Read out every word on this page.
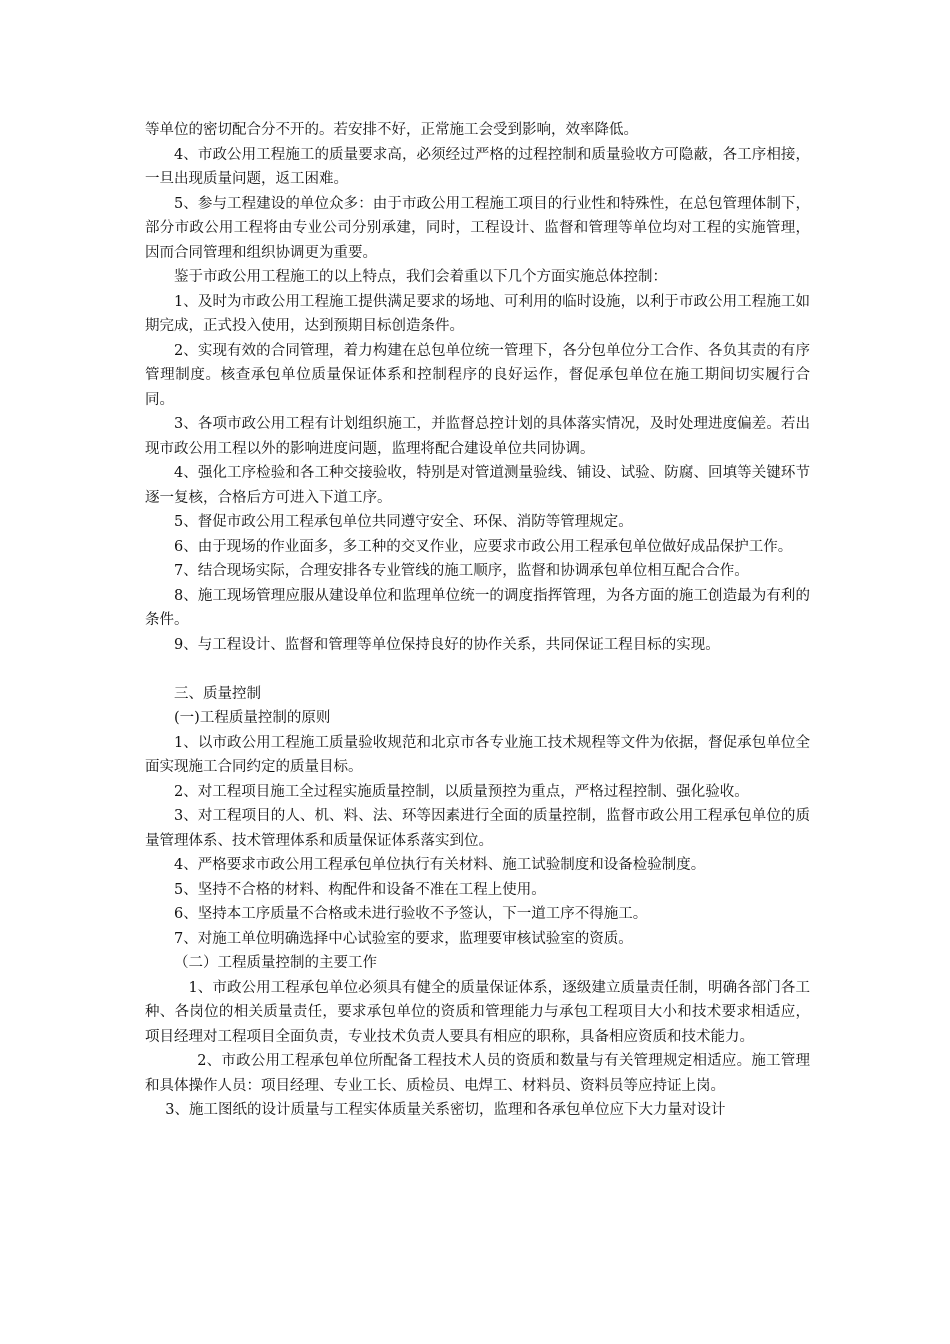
等单位的密切配合分不开的。若安排不好，正常施工会受到影响，效率降低。

4、市政公用工程施工的质量要求高，必须经过严格的过程控制和质量验收方可隐蔽，各工序相接，一旦出现质量问题，返工困难。

5、参与工程建设的单位众多：由于市政公用工程施工项目的行业性和特殊性，在总包管理体制下，部分市政公用工程将由专业公司分别承建，同时，工程设计、监督和管理等单位均对工程的实施管理，因而合同管理和组织协调更为重要。

鉴于市政公用工程施工的以上特点，我们会着重以下几个方面实施总体控制：

1、及时为市政公用工程施工提供满足要求的场地、可利用的临时设施，以利于市政公用工程施工如期完成，正式投入使用，达到预期目标创造条件。

2、实现有效的合同管理，着力构建在总包单位统一管理下，各分包单位分工合作、各负其责的有序管理制度。核查承包单位质量保证体系和控制程序的良好运作，督促承包单位在施工期间切实履行合同。

3、各项市政公用工程有计划组织施工，并监督总控计划的具体落实情况，及时处理进度偏差。若出现市政公用工程以外的影响进度问题，监理将配合建设单位共同协调。

4、强化工序检验和各工种交接验收，特别是对管道测量验线、铺设、试验、防腐、回填等关键环节逐一复核，合格后方可进入下道工序。

5、督促市政公用工程承包单位共同遵守安全、环保、消防等管理规定。

6、由于现场的作业面多，多工种的交叉作业，应要求市政公用工程承包单位做好成品保护工作。

7、结合现场实际，合理安排各专业管线的施工顺序，监督和协调承包单位相互配合合作。

8、施工现场管理应服从建设单位和监理单位统一的调度指挥管理，为各方面的施工创造最为有利的条件。

9、与工程设计、监督和管理等单位保持良好的协作关系，共同保证工程目标的实现。

三、质量控制

(一)工程质量控制的原则

1、以市政公用工程施工质量验收规范和北京市各专业施工技术规程等文件为依据，督促承包单位全面实现施工合同约定的质量目标。

2、对工程项目施工全过程实施质量控制，以质量预控为重点，严格过程控制、强化验收。

3、对工程项目的人、机、料、法、环等因素进行全面的质量控制，监督市政公用工程承包单位的质量管理体系、技术管理体系和质量保证体系落实到位。

4、严格要求市政公用工程承包单位执行有关材料、施工试验制度和设备检验制度。

5、坚持不合格的材料、构配件和设备不准在工程上使用。

6、坚持本工序质量不合格或未进行验收不予签认，下一道工序不得施工。

7、对施工单位明确选择中心试验室的要求，监理要审核试验室的资质。

（二）工程质量控制的主要工作

1、市政公用工程承包单位必须具有健全的质量保证体系，逐级建立质量责任制，明确各部门各工种、各岗位的相关质量责任，要求承包单位的资质和管理能力与承包工程项目大小和技术要求相适应，项目经理对工程项目全面负责，专业技术负责人要具有相应的职称，具备相应资质和技术能力。

2、市政公用工程承包单位所配备工程技术人员的资质和数量与有关管理规定相适应。施工管理和具体操作人员：项目经理、专业工长、质检员、电焊工、材料员、资料员等应持证上岗。

3、施工图纸的设计质量与工程实体质量关系密切，监理和各承包单位应下大力量对设计
